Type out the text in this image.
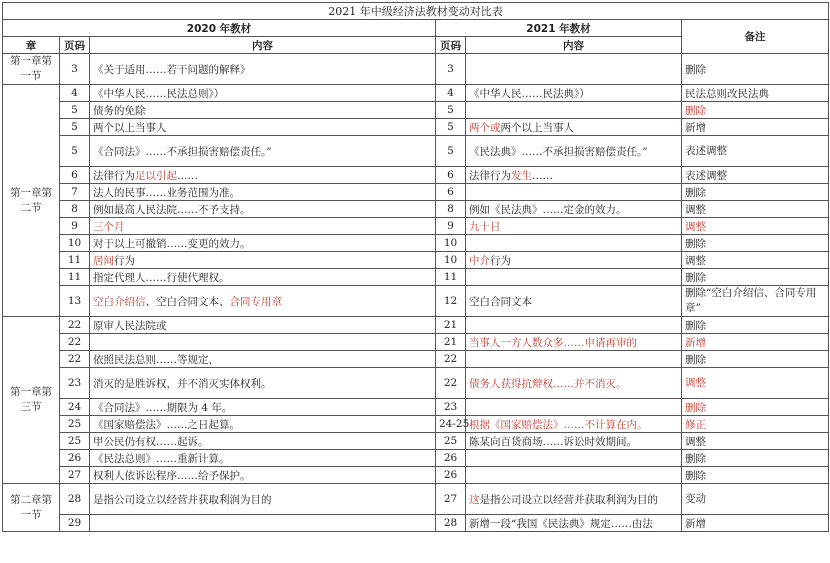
2021 年中级经济法教材变动对比表					
2020 年教材			2021 年教材		备注
章	页码	内容	页码	内容	
第一章第一节	3	《关于适用……若干问题的解释》	3		删除
第一章第二节	4	《中华人民……民法总则》）	4	《中华人民……民法典》）	民法总则改民法典
	5	债务的免除	5		删除
	5	两个以上当事人	5	两个或两个以上当事人	新增
	5	《合同法》……不承担损害赔偿责任。”	5	《民法典》……不承担损害赔偿责任。”	表述调整
	6	法律行为足以引起……	6	法律行为发生……	表述调整
	7	法人的民事……业务范围为准。	6		删除
	8	例如最高人民法院……不予支持。	8	例如《民法典》……定金的效力。	调整
	9	三个月	9	九十日	调整
	10	对于以上可撤销……变更的效力。	10		删除
	11	居间行为	10	中介行为	调整
	11	指定代理人……行使代理权。	11		删除
	13	空白介绍信、空白合同文本、合同专用章	12	空白合同文本	删除“空白介绍信、合同专用章”
第一章第三节	22	原审人民法院或	21		删除
	22		21	当事人一方人数众多……申请再审的	新增
	22	依照民法总则……等规定，	22		删除
	23	消灭的是胜诉权，并不消灭实体权利。	22	债务人获得抗辩权……并不消灭。	调整
	24	《合同法》……期限为 4 年。	23		删除
	25	《国家赔偿法》……之日起算。	24-25	根据《国家赔偿法》……不计算在内。	修正
	25	甲公民仍有权……起诉。	25	陈某向百货商场……诉讼时效期间。	调整
	26	《民法总则》……重新计算。	26		删除
	27	权利人依诉讼程序……给予保护。	26		删除
第二章第一节	28	是指公司设立以经营并获取利润为目的	27	这是指公司设立以经营并获取利润为目的	变动
	29		28	新增一段“我国《民法典》规定……由法	新增
